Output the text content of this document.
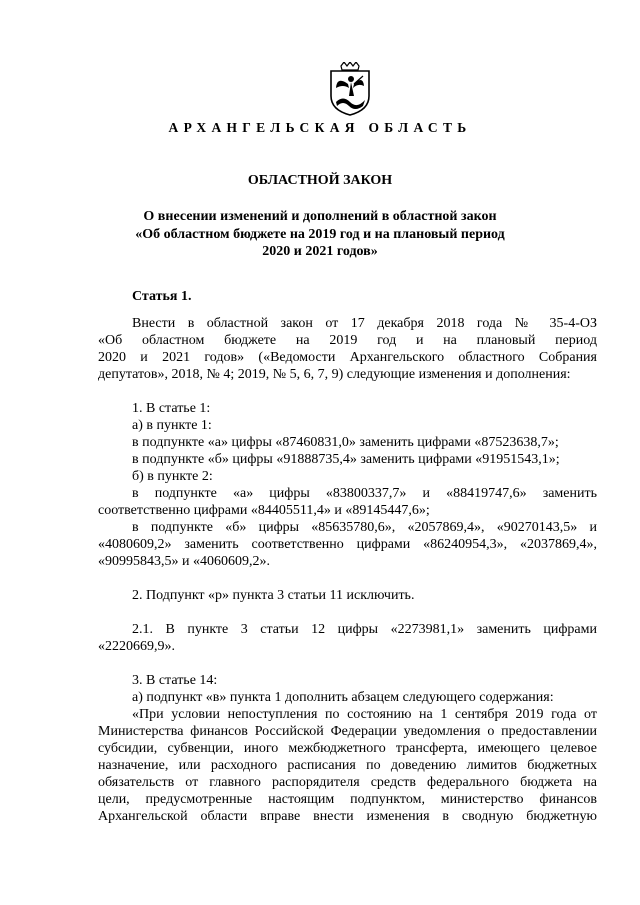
АРХАНГЕЛЬСКАЯ ОБЛАСТЬ
ОБЛАСТНОЙ ЗАКОН
О внесении изменений и дополнений в областной закон
«Об областном бюджете на 2019 год и на плановый период
2020 и 2021 годов»

Статья 1.

Внести в областной закон от 17 декабря 2018 года № 35-4-ОЗ

«Об областном бюджете на 2019 год и на плановый период

2020 и 2021 годов» («Ведомости Архангельского областного Собрания

депутатов», 2018, № 4; 2019, № 5, 6, 7, 9) следующие изменения и дополнения:

1. В статье 1:

а) в пункте 1:

в подпункте «а» цифры «87460831,0» заменить цифрами «87523638,7»;

в подпункте «б» цифры «91888735,4» заменить цифрами «91951543,1»;

б) в пункте 2:

в подпункте «а» цифры «83800337,7» и «88419747,6» заменить

соответственно цифрами «84405511,4» и «89145447,6»;

в подпункте «б» цифры «85635780,6», «2057869,4», «90270143,5» и

«4080609,2» заменить соответственно цифрами «86240954,3», «2037869,4»,

«90995843,5» и «4060609,2».

2. Подпункт «р» пункта 3 статьи 11 исключить.

2.1. В пункте 3 статьи 12 цифры «2273981,1» заменить цифрами

«2220669,9».

3. В статье 14:

а) подпункт «в» пункта 1 дополнить абзацем следующего содержания:

«При условии непоступления по состоянию на 1 сентября 2019 года от

Министерства финансов Российской Федерации уведомления о предоставлении

субсидии, субвенции, иного межбюджетного трансферта, имеющего целевое

назначение, или расходного расписания по доведению лимитов бюджетных

обязательств от главного распорядителя средств федерального бюджета на

цели, предусмотренные настоящим подпунктом, министерство финансов

Архангельской области вправе внести изменения в сводную бюджетную
